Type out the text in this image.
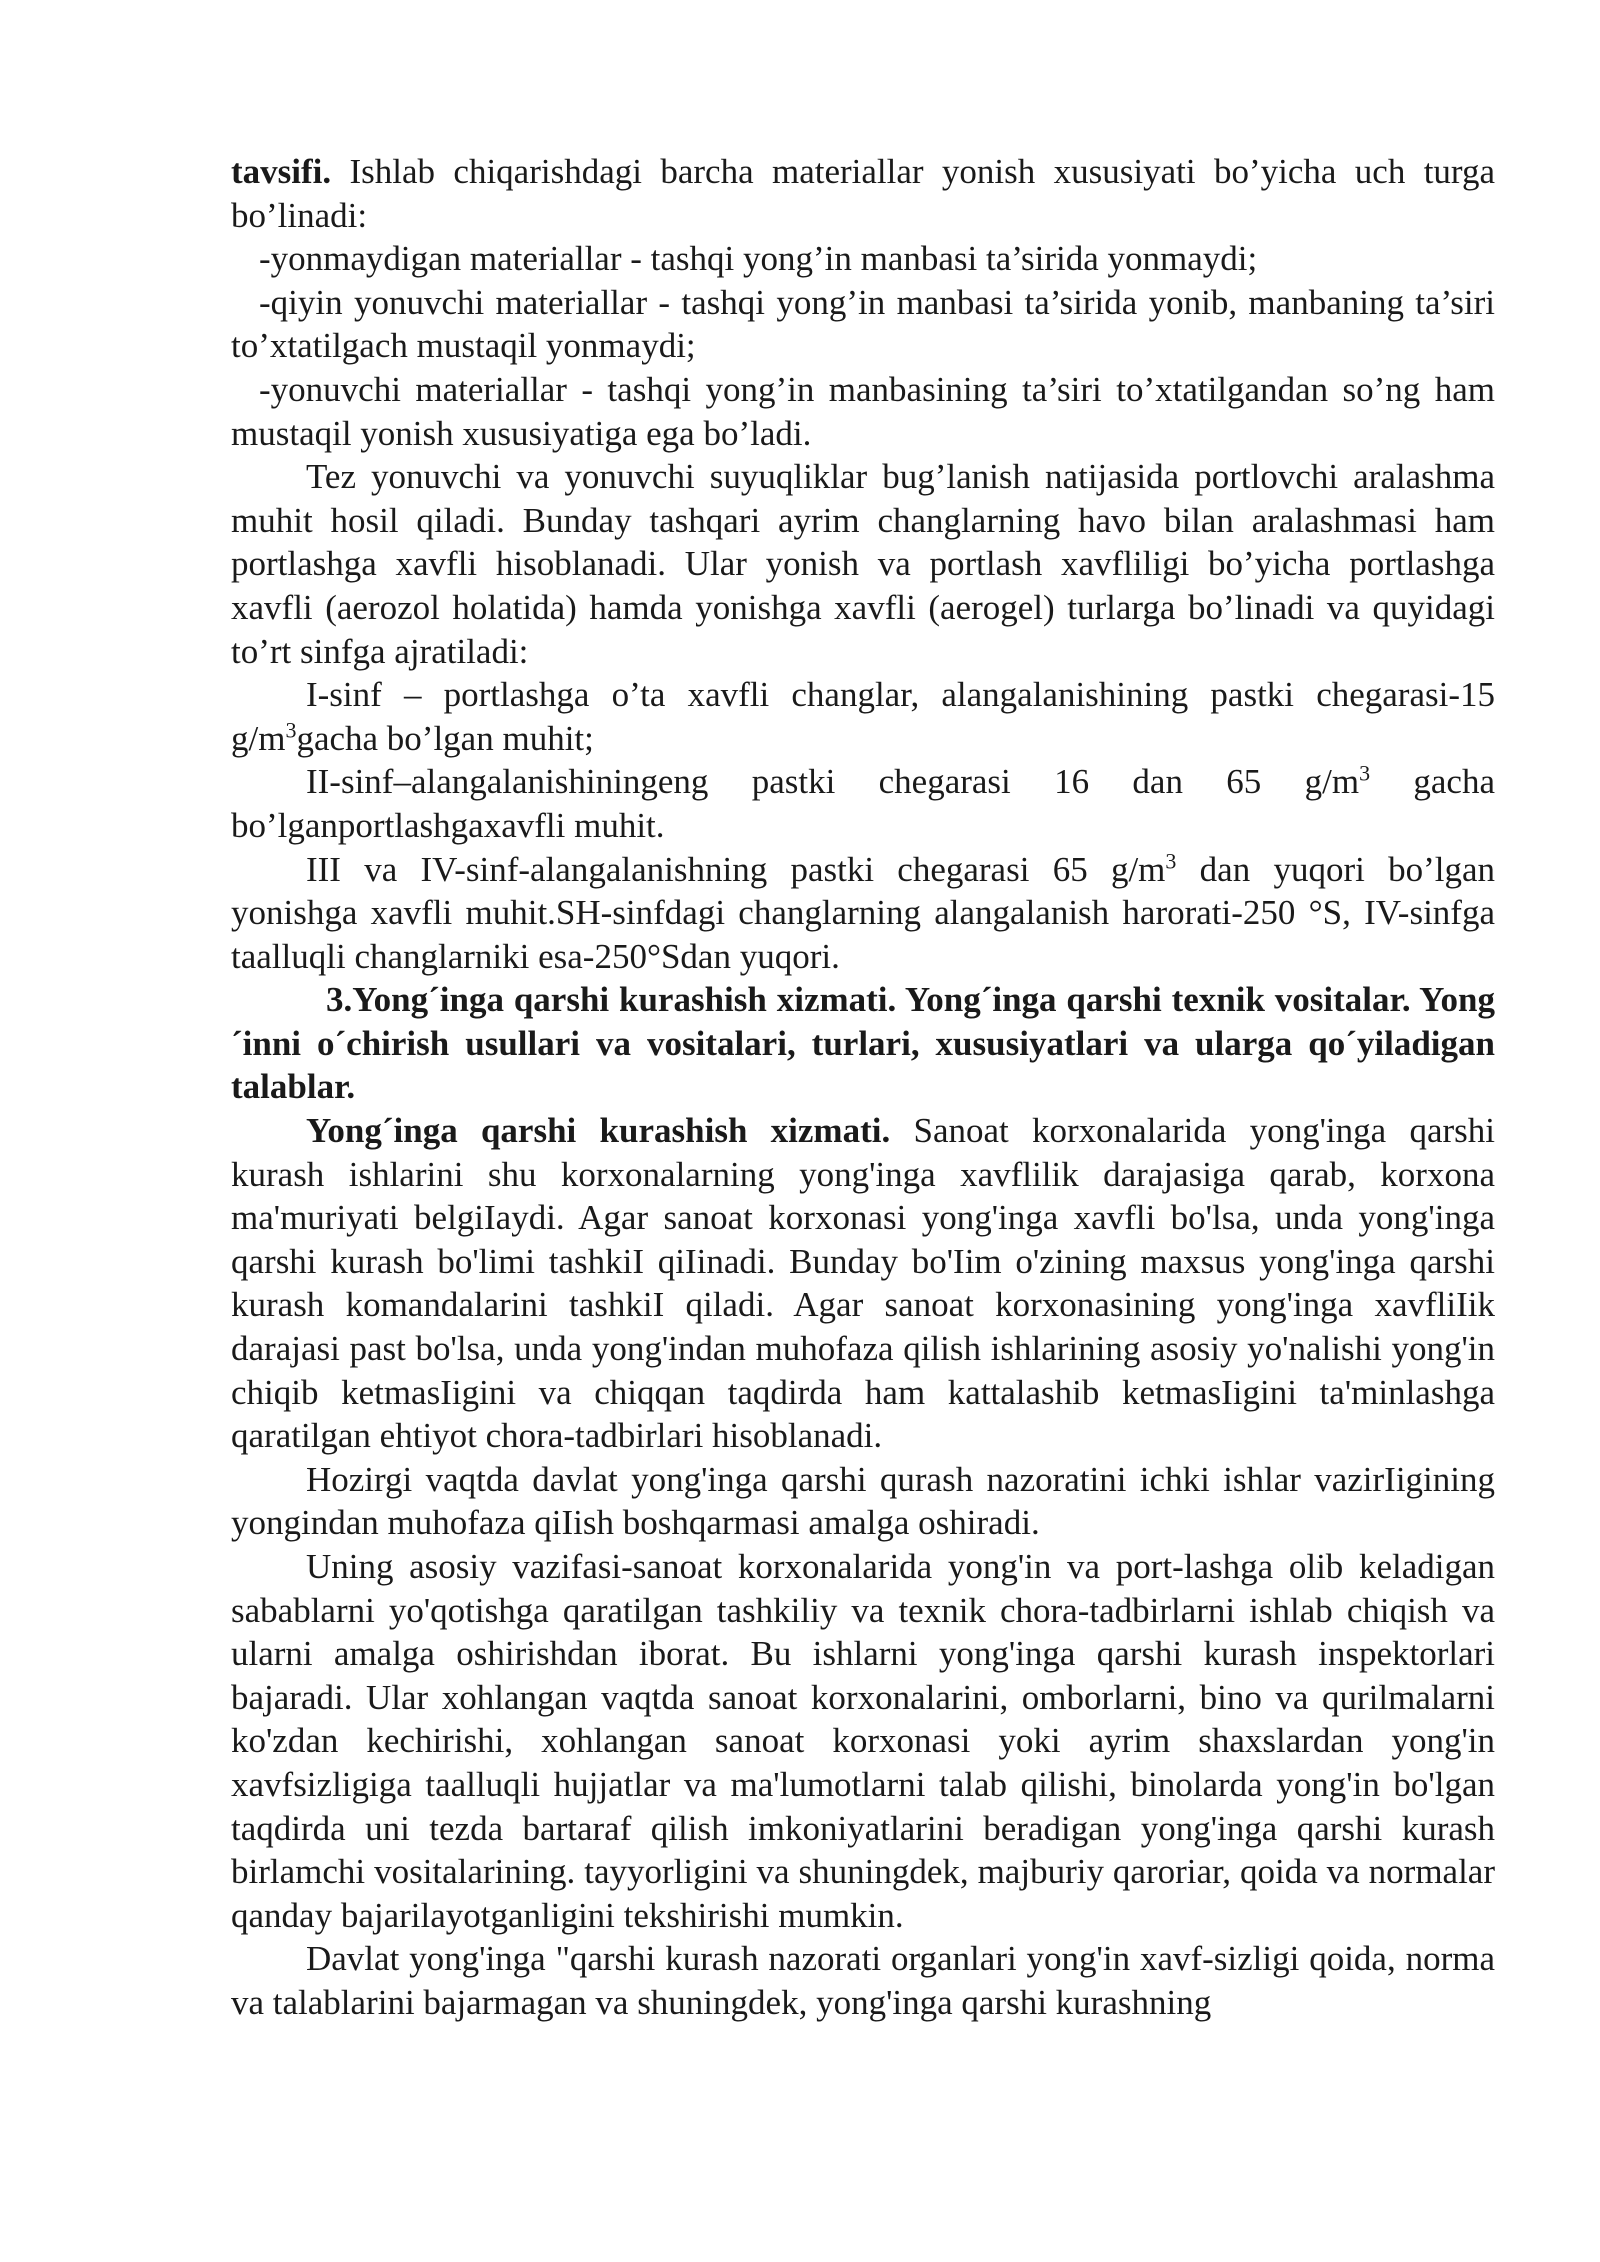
tavsifi. Ishlab chiqarishdagi barcha materiallar yonish xususiyati bo’yicha uch turga bo’linadi:

-yonmaydigan materiallar - tashqi yong’in manbasi ta’sirida yonmaydi;

-qiyin yonuvchi materiallar - tashqi yong’in manbasi ta’sirida yonib, manbaning ta’siri to’xtatilgach mustaqil yonmaydi;

-yonuvchi materiallar - tashqi yong’in manbasining ta’siri to’xtatilgandan so’ng ham mustaqil yonish xususiyatiga ega bo’ladi.

Tez yonuvchi va yonuvchi suyuqliklar bug’lanish natijasida portlovchi aralashma muhit hosil qiladi. Bunday tashqari ayrim changlarning havo bilan aralashmasi ham portlashga xavfli hisoblanadi. Ular yonish va portlash xavfliligi bo’yicha portlashga xavfli (aerozol holatida) hamda yonishga xavfli (aerogel) turlarga bo’linadi va quyidagi to’rt sinfga ajratiladi:

I-sinf – portlashga o’ta xavfli changlar, alangalanishining pastki chegarasi-15 $g/m^3gacha$ bo’lgan muhit;

II-sinf–alangalanishiningeng pastki chegarasi 16 dan 65 $g/m^3$ gacha bo’lganportlashgaxavfli muhit.

III va IV-sinf-alangalanishning pastki chegarasi 65 $g/m^3$ dan yuqori bo’lgan yonishga xavfli muhit.SH-sinfdagi changlarning alangalanish harorati-250 °S, IV-sinfga taalluqli changlarniki esa-250°Sdan yuqori.

3.Yong´inga qarshi kurashish xizmati. Yong´inga qarshi texnik vositalar. Yong´inni o´chirish usullari va vositalari, turlari, xususiyatlari va ularga qo´yiladigan talablar.

Yong´inga qarshi kurashish xizmati. Sanoat korxonalarida yong'inga qarshi kurash ishlarini shu korxonalarning yong'inga xavflilik darajasiga qarab, korxona ma'muriyati belgiIaydi. Agar sanoat korxonasi yong'inga xavfli bo'lsa, unda yong'inga qarshi kurash bo'limi tashkiI qiIinadi. Bunday bo'Iim o'zining maxsus yong'inga qarshi kurash komandalarini tashkiI qiladi. Agar sanoat korxonasining yong'inga xavfliIik darajasi past bo'lsa, unda yong'indan muhofaza qilish ishlarining asosiy yo'nalishi yong'in chiqib ketmasIigini va chiqqan taqdirda ham kattalashib ketmasIigini ta'minlashga qaratilgan ehtiyot chora-tadbirlari hisoblanadi.

Hozirgi vaqtda davlat yong'inga qarshi qurash nazoratini ichki ishlar vazirIigining yongindan muhofaza qiIish boshqarmasi amalga oshiradi.

Uning asosiy vazifasi-sanoat korxonalarida yong'in va port-lashga olib keladigan sabablarni yo'qotishga qaratilgan tashkiliy va texnik chora-tadbirlarni ishlab chiqish va ularni amalga oshirishdan iborat. Bu ishlarni yong'inga qarshi kurash inspektorlari bajaradi. Ular xohlangan vaqtda sanoat korxonalarini, omborlarni, bino va qurilmalarni ko'zdan kechirishi, xohlangan sanoat korxonasi yoki ayrim shaxslardan yong'in xavfsizligiga taalluqli hujjatlar va ma'lumotlarni talab qilishi, binolarda yong'in bo'lgan taqdirda uni tezda bartaraf qilish imkoniyatlarini beradigan yong'inga qarshi kurash birlamchi vositalarining. tayyorligini va shuningdek, majburiy qaroriar, qoida va normalar qanday bajarilayotganligini tekshirishi mumkin.

Davlat yong'inga "qarshi kurash nazorati organlari yong'in xavf-sizligi qoida, norma va talablarini bajarmagan va shuningdek, yong'inga qarshi kurashning
